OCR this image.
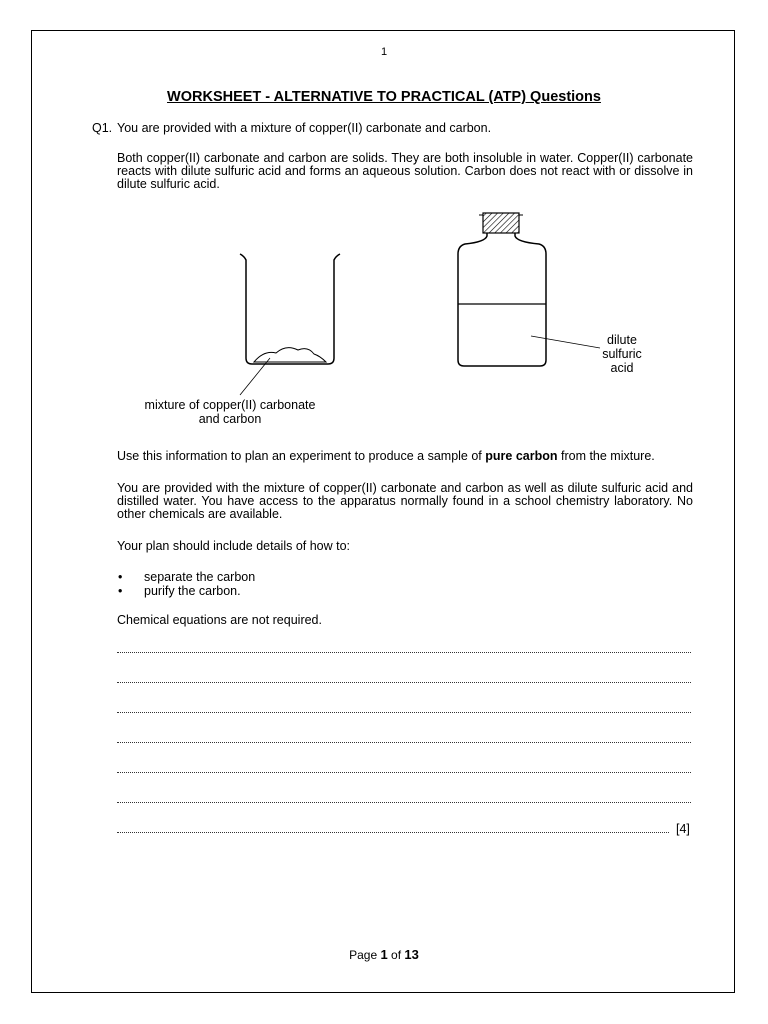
1
WORKSHEET - ALTERNATIVE TO PRACTICAL (ATP) Questions
Q1. You are provided with a mixture of copper(II) carbonate and carbon.
Both copper(II) carbonate and carbon are solids. They are both insoluble in water. Copper(II) carbonate reacts with dilute sulfuric acid and forms an aqueous solution. Carbon does not react with or dissolve in dilute sulfuric acid.
mixture of copper(II) carbonate
and carbon
dilute
sulfuric
acid
Use this information to plan an experiment to produce a sample of pure carbon from the mixture.
You are provided with the mixture of copper(II) carbonate and carbon as well as dilute sulfuric acid and distilled water. You have access to the apparatus normally found in a school chemistry laboratory. No other chemicals are available.
Your plan should include details of how to:
• separate the carbon
• purify the carbon.
Chemical equations are not required.
[4]
Page 1 of 13
